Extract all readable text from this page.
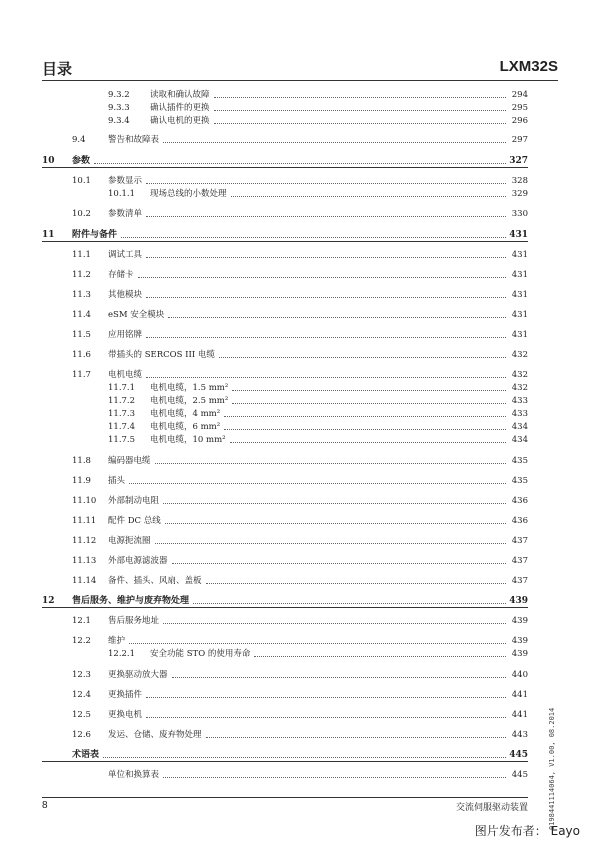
目录	LXM32S
9.3.2	读取和确认故障	294
9.3.3	确认插件的更换	295
9.3.4	确认电机的更换	296
9.4	警告和故障表	297
10	参数	327
10.1	参数显示	328
10.1.1	现场总线的小数处理	329
10.2	参数清单	330
11	附件与备件	431
11.1	调试工具	431
11.2	存储卡	431
11.3	其他模块	431
11.4	eSM 安全模块	431
11.5	应用铭牌	431
11.6	带插头的 SERCOS III 电缆	432
11.7	电机电缆	432
11.7.1	电机电缆，1.5 mm²	432
11.7.2	电机电缆，2.5 mm²	433
11.7.3	电机电缆，4 mm²	433
11.7.4	电机电缆，6 mm²	434
11.7.5	电机电缆，10 mm²	434
11.8	编码器电缆	435
11.9	插头	435
11.10	外部制动电阻	436
11.11	配件 DC 总线	436
11.12	电源扼流圈	437
11.13	外部电源滤波器	437
11.14	备件、插头、风扇、盖板	437
12	售后服务、维护与废弃物处理	439
12.1	售后服务地址	439
12.2	维护	439
12.2.1	安全功能 STO 的使用寿命	439
12.3	更换驱动放大器	440
12.4	更换插件	441
12.5	更换电机	441
12.6	发运、仓储、废弃物处理	443
术语表	445
单位和换算表	445	0198441114064, V1.00, 08.2014
8	交流伺服驱动装置
图片发布者： Eayo
